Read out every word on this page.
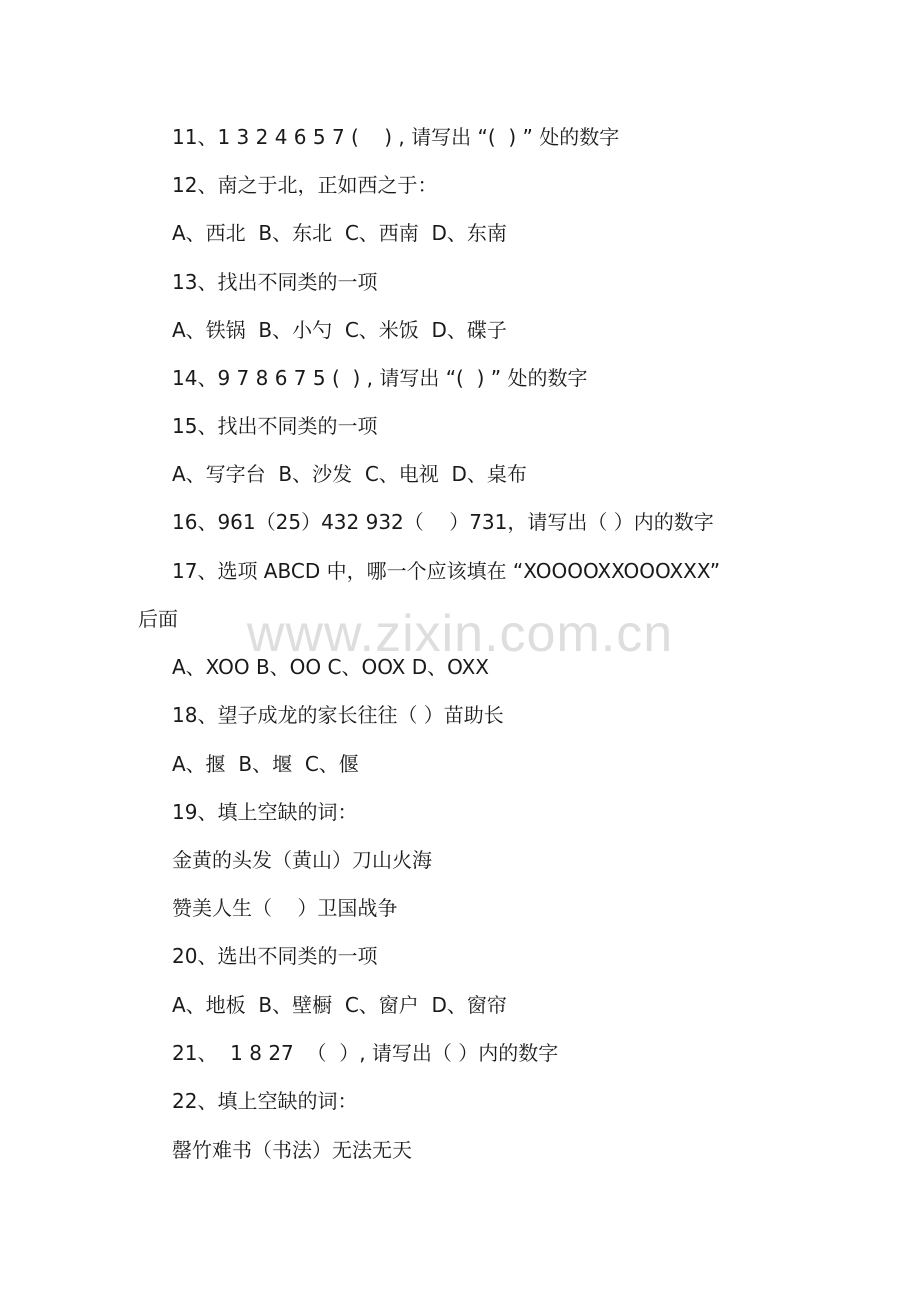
www.zixin.com.cn
11、1 3 2 4 6 5 7 (    ) , 请写出 “(  ) ” 处的数字
12、南之于北，正如西之于：
A、西北  B、东北  C、西南  D、东南
13、找出不同类的一项
A、铁锅  B、小勺  C、米饭  D、碟子
14、9 7 8 6 7 5 (  ) , 请写出 “(  ) ” 处的数字
15、找出不同类的一项
A、写字台  B、沙发  C、电视  D、桌布
16、961（25）432 932（    ）731，请写出（ ）内的数字
17、选项 ABCD 中，哪一个应该填在 “XOOOOXXOOOXXX”
后面
A、XOO B、OO C、OOX D、OXX
18、望子成龙的家长往往（ ）苗助长
A、揠  B、堰  C、偃
19、填上空缺的词：
金黄的头发（黄山）刀山火海
赞美人生（    ）卫国战争
20、选出不同类的一项
A、地板  B、壁橱  C、窗户  D、窗帘
21、  1 8 27  （  ）, 请写出（ ）内的数字
22、填上空缺的词：
罄竹难书（书法）无法无天
